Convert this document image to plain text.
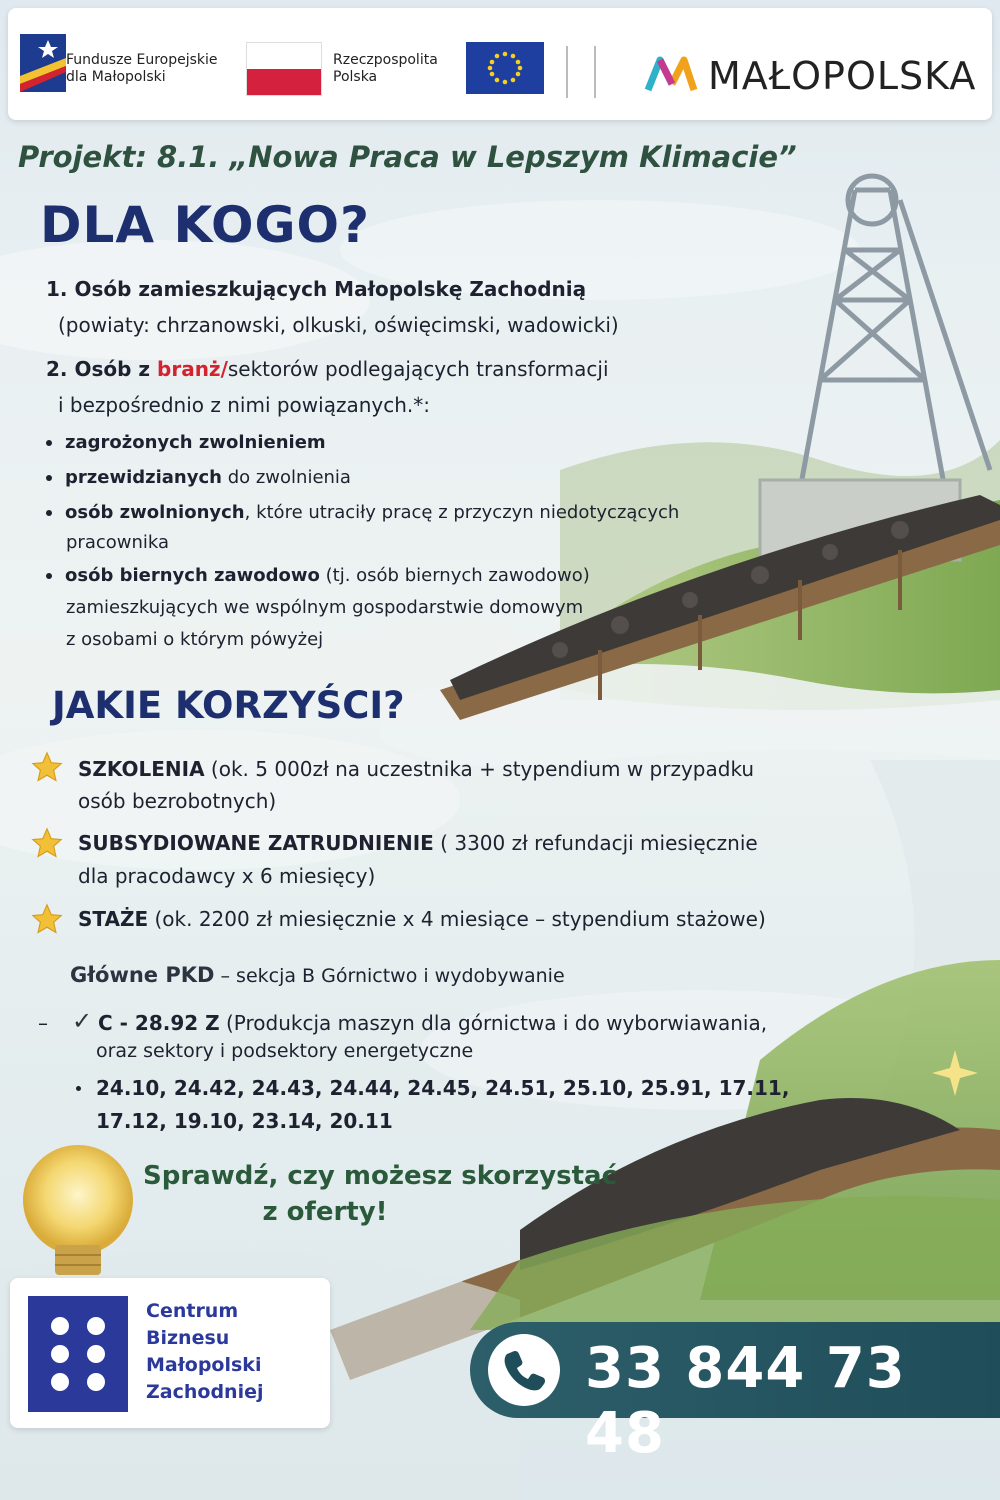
Fundusze Europejskie
dla Małopolski
Rzeczpospolita
Polska	MAŁOPOLSKA
Projekt: 8.1. „Nowa Praca w Lepszym Klimacie”
DLA KOGO?
1. Osób zamieszkujących Małopolskę Zachodnią
(powiaty: chrzanowski, olkuski, oświęcimski, wadowicki)
2. Osób z branż/sektorów podlegających transformacji
i bezpośrednio z nimi powiązanych.*:
zagrożonych zwolnieniem
przewidzianych do zwolnienia
osób zwolnionych, które utraciły pracę z przyczyn niedotyczących
pracownika
osób biernych zawodowo (tj. osób biernych zawodowo)
zamieszkujących we wspólnym gospodarstwie domowym
z osobami o którym pówyżej
JAKIE KORZYŚCI?
SZKOLENIA (ok. 5 000zł na uczestnika + stypendium w przypadku
osób bezrobotnych)
SUBSYDIOWANE ZATRUDNIENIE ( 3300 zł refundacji miesięcznie
dla pracodawcy x 6 miesięcy)
STAŻE (ok. 2200 zł miesięcznie x 4 miesiące – stypendium stażowe)
Główne PKD – sekcja B Górnictwo i wydobywanie
– ✓ C - 28.92 Z (Produkcja maszyn dla górnictwa i do wyborwiawania,
oraz sektory i podsektory energetyczne
24.10, 24.42, 24.43, 24.44, 24.45, 24.51, 25.10, 25.91, 17.11,
17.12, 19.10, 23.14, 20.11
Sprawdź, czy możesz skorzystać
z oferty!
Centrum
Biznesu
Małopolski
Zachodniej	33 844 73 48
